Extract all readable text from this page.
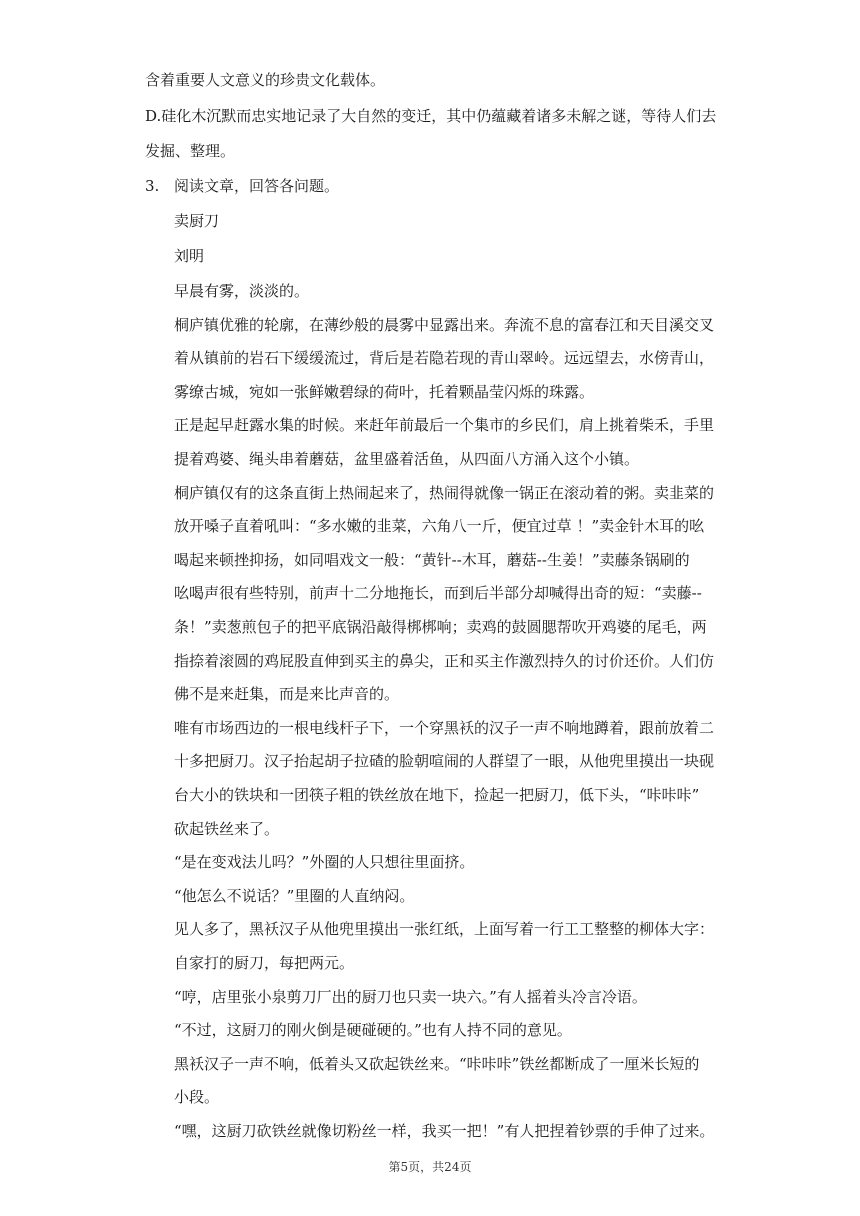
含着重要人文意义的珍贵文化载体。
D.硅化木沉默而忠实地记录了大自然的变迁，其中仍蕴藏着诸多未解之谜，等待人们去
发掘、整理。
3. 阅读文章，回答各问题。
卖厨刀
刘明
早晨有雾，淡淡的。
桐庐镇优雅的轮廓，在薄纱般的晨雾中显露出来。奔流不息的富春江和天目溪交叉
着从镇前的岩石下缓缓流过，背后是若隐若现的青山翠岭。远远望去，水傍青山，
雾缭古城，宛如一张鲜嫩碧绿的荷叶，托着颗晶莹闪烁的珠露。
正是起早赶露水集的时候。来赶年前最后一个集市的乡民们，肩上挑着柴禾，手里
提着鸡婆、绳头串着蘑菇，盆里盛着活鱼，从四面八方涌入这个小镇。
桐庐镇仅有的这条直街上热闹起来了，热闹得就像一锅正在滚动着的粥。卖韭菜的
放开嗓子直着吼叫：“多水嫩的韭菜，六角八一斤，便宜过草 ！”卖金针木耳的吆
喝起来顿挫抑扬，如同唱戏文一般：“黄针--木耳，蘑菇--生姜！”卖藤条锅刷的
吆喝声很有些特别，前声十二分地拖长，而到后半部分却喊得出奇的短：“卖藤--
条！”卖葱煎包子的把平底锅沿敲得梆梆响；卖鸡的鼓圆腮帮吹开鸡婆的尾毛，两
指捺着滚圆的鸡屁股直伸到买主的鼻尖，正和买主作激烈持久的讨价还价。人们仿
佛不是来赶集，而是来比声音的。
唯有市场西边的一根电线杆子下，一个穿黑袄的汉子一声不响地蹲着，跟前放着二
十多把厨刀。汉子抬起胡子拉碴的脸朝喧闹的人群望了一眼，从他兜里摸出一块砚
台大小的铁块和一团筷子粗的铁丝放在地下，捡起一把厨刀，低下头，“咔咔咔”
砍起铁丝来了。
“是在变戏法儿吗？”外圈的人只想往里面挤。
“他怎么不说话？”里圈的人直纳闷。
见人多了，黑袄汉子从他兜里摸出一张红纸，上面写着一行工工整整的柳体大字：
自家打的厨刀，每把两元。
“哼，店里张小泉剪刀厂出的厨刀也只卖一块六。”有人摇着头冷言冷语。
“不过，这厨刀的刚火倒是硬碰硬的。”也有人持不同的意见。
黑袄汉子一声不响，低着头又砍起铁丝来。“咔咔咔”铁丝都断成了一厘米长短的
小段。
第5页，共24页
“嘿，这厨刀砍铁丝就像切粉丝一样，我买一把！”有人把捏着钞票的手伸了过来。
